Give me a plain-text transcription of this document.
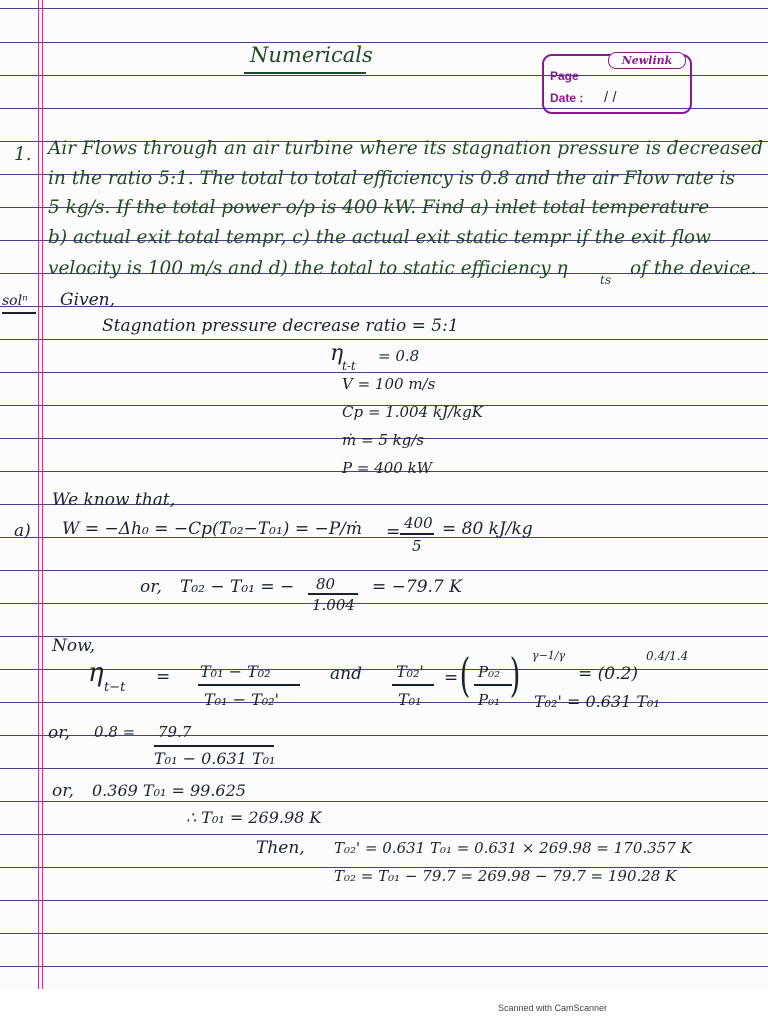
Numericals	Newlink
Page
Date : / /
1. Air Flows through an air turbine where its stagnation pressure is decreased
in the ratio 5:1. The total to total efficiency is 0.8 and the air Flow rate is
5 kg/s. If the total power o/p is 400 kW. Find a) inlet total temperature
b) actual exit total tempr, c) the actual exit static tempr if the exit flow
velocity is 100 m/s and d) the total to static efficiency η
ts
of the device.
solⁿ Given,
Stagnation pressure decrease ratio = 5:1
η
t-t
= 0.8
V = 100 m/s
Cp = 1.004 kJ/kgK
ṁ = 5 kg/s
P = 400 kW
We know that,
a) W = −Δh₀ = −Cp(T₀₂−T₀₁) = −P/ṁ = 400
5
= 80 kJ/kg
or, T₀₂ − T₀₁ = − 80
1.004
= −79.7 K
Now,
η t−t
= T₀₁ − T₀₂
T₀₁ − T₀₂'
and T₀₂'
T₀₁
= ( P₀₂
P₀₁ ) γ−1/γ
= (0.2)
0.4/1.4
T₀₂' = 0.631 T₀₁
or, 0.8 = 79.7
T₀₁ − 0.631 T₀₁
or, 0.369 T₀₁ = 99.625
∴ T₀₁ = 269.98 K
Then, T₀₂' = 0.631 T₀₁ = 0.631 × 269.98 = 170.357 K
T₀₂ = T₀₁ − 79.7 = 269.98 − 79.7 = 190.28 K
Scanned with CamScanner
